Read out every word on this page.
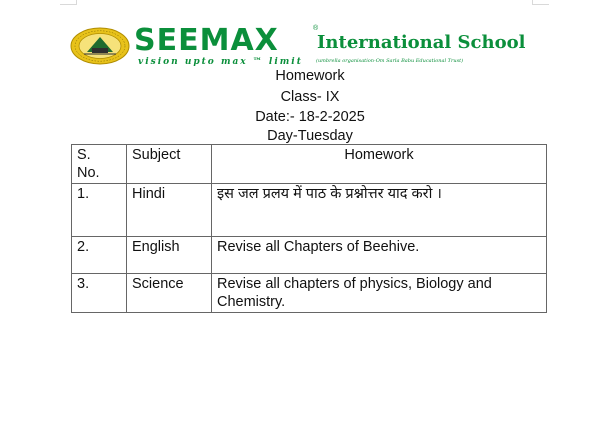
SEEMAX	®
International School
vision upto max ™ limit	(umbrella organisation-Om Sarla Babu Educational Trust)
Homework
Class- IX
Date:- 18-2-2025
Day-Tuesday
S.
No.	Subject	Homework
1.	Hindi	इस जल प्रलय में पाठ के प्रश्नोत्तर याद करो ।
2.	English	Revise all Chapters of Beehive.
3.	Science	Revise all chapters of physics, Biology and Chemistry.
